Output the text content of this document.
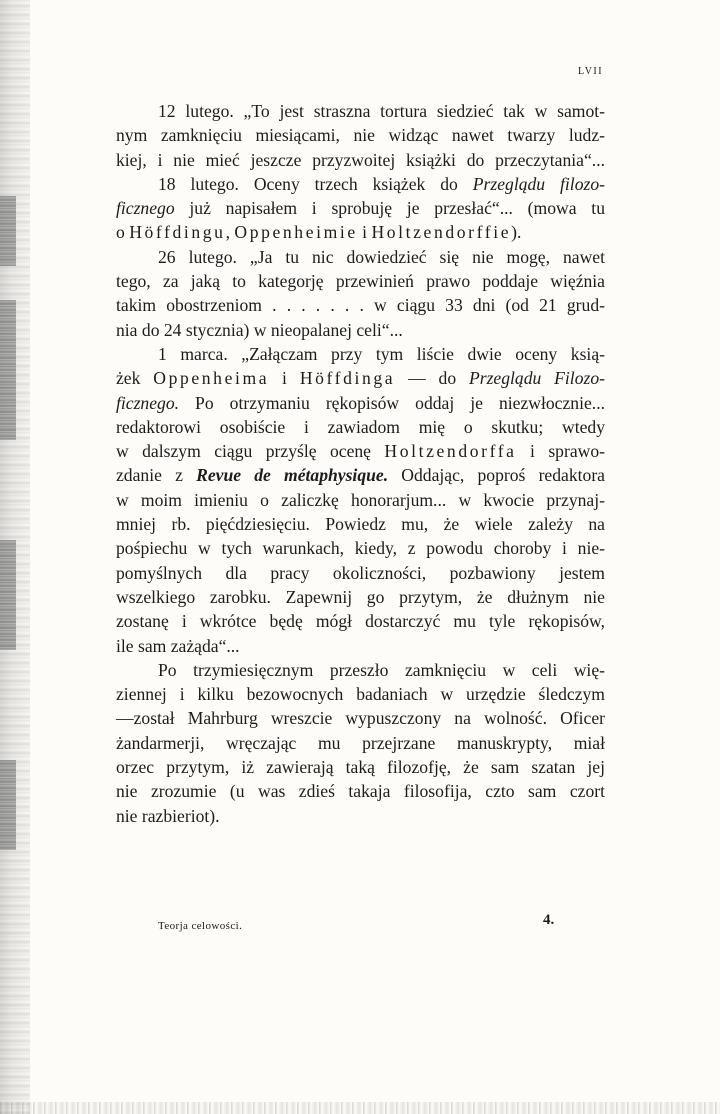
LVII
12 lutego. „To jest straszna tortura siedzieć tak w samot-
nym zamknięciu miesiącami, nie widząc nawet twarzy ludz-
kiej, i nie mieć jeszcze przyzwoitej książki do przeczytania“...
18 lutego. Oceny trzech książek do Przeglądu filozo-
ficznego już napisałem i sprobuję je przesłać“... (mowa tu
o Höffdingu, Oppenheimie i Holtzendorffie).
26 lutego. „Ja tu nic dowiedzieć się nie mogę, nawet
tego, za jaką to kategorję przewinień prawo poddaje więźnia
takim obostrzeniom . . . . . . . w ciągu 33 dni (od 21 grud-
nia do 24 stycznia) w nieopalanej celi“...
1 marca. „Załączam przy tym liście dwie oceny ksią-
żek Oppenheima i Höffdinga — do Przeglądu Filozo-
ficznego. Po otrzymaniu rękopisów oddaj je niezwłocznie...
redaktorowi osobiście i zawiadom mię o skutku; wtedy
w dalszym ciągu przyślę ocenę Holtzendorffa i sprawo-
zdanie z Revue de métaphysique. Oddając, poproś redaktora
w moim imieniu o zaliczkę honorarjum... w kwocie przynaj-
mniej rb. pięćdziesięciu. Powiedz mu, że wiele zależy na
pośpiechu w tych warunkach, kiedy, z powodu choroby i nie-
pomyślnych dla pracy okoliczności, pozbawiony jestem
wszelkiego zarobku. Zapewnij go przytym, że dłużnym nie
zostanę i wkrótce będę mógł dostarczyć mu tyle rękopisów,
ile sam zażąda“...
Po trzymiesięcznym przeszło zamknięciu w celi wię-
ziennej i kilku bezowocnych badaniach w urzędzie śledczym
—został Mahrburg wreszcie wypuszczony na wolność. Oficer
żandarmerji, wręczając mu przejrzane manuskrypty, miał
orzec przytym, iż zawierają taką filozofję, że sam szatan jej
nie zrozumie (u was zdieś takaja filosofija, czto sam czort
nie razbieriot).
Teorja celowości.	4.
